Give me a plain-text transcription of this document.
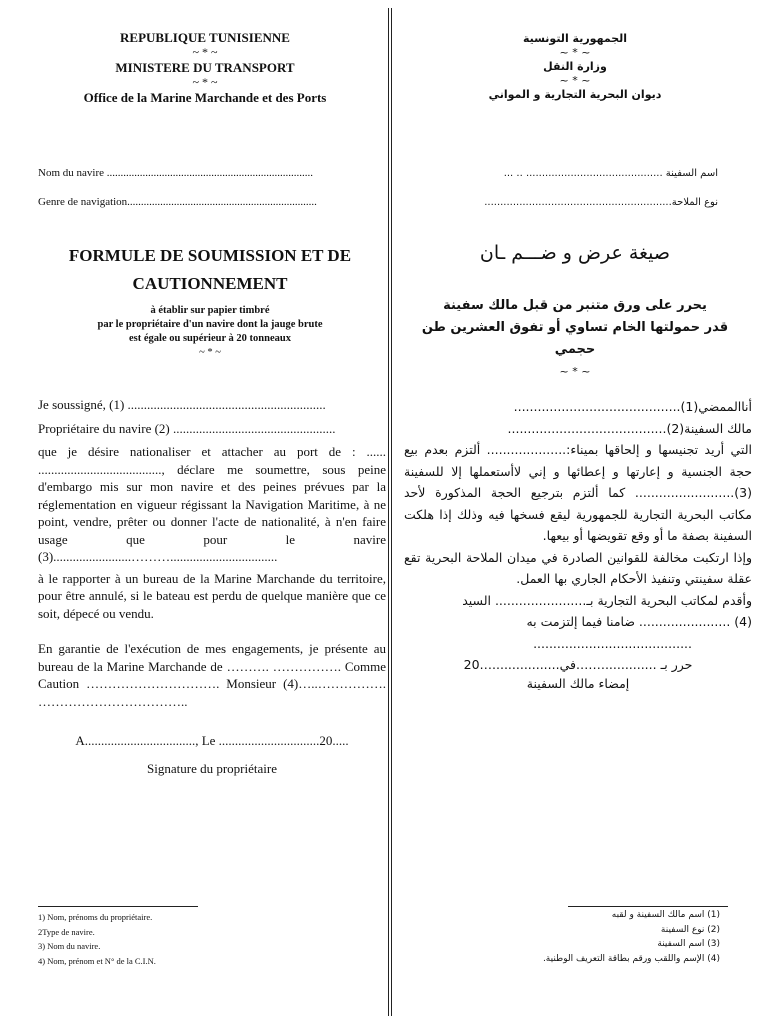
REPUBLIQUE TUNISIENNE
~ * ~
MINISTERE DU TRANSPORT
~ * ~
Office de la Marine Marchande et des Ports
الجمهورية التونسية
~ * ~
وزارة النقل
~ * ~
ديوان البحرية التجارية و المواني
Nom du navire ...........................................................................
Genre de navigation.....................................................................
اسم السفينة ........................................... .. ...
نوع الملاحة...........................................................
FORMULE DE SOUMISSION ET DE
CAUTIONNEMENT
à établir sur papier timbré
par le propriétaire d'un navire dont la jauge brute
est égale ou supérieur à 20 tonneaux
~ * ~
صيغة عرض و ضـــم ـان
يحرر على ورق متنبر من قبل مالك سفينة
قدر حمولتها الخام تساوي أو تفوق العشرين طن حجمي
~ * ~

Je soussigné, (1) .............................................................

Propriétaire du navire (2) ..................................................

que je désire nationaliser et attacher au port de : ...... ......................................, déclare me soumettre, sous peine d'embargo mis sur mon navire et des peines prévues par la réglementation en vigueur régissant la Navigation Maritime, à ne point, vendre, prêter ou donner l'acte de nationalité, à n'en faire usage que pour le navire (3)........................……….................................

à le rapporter à un bureau de la Marine Marchande du territoire, pour être annulé, si le bateau est perdu de quelque manière que ce soit, dépecé ou vendu.

En garantie de l'exécution de mes engagements, je présente au bureau de la Marine Marchande de ………. ……………. Comme Caution …………………………. Monsieur (4)…..……………. ……………………………..

A.................................., Le ...............................20.....

Signature du propriétaire

أناالممضي(1)..........................................

مالك السفينة(2)........................................

التي أريد تجنيسها و إلحاقها بميناء:.................... ألتزم بعدم بيع حجة الجنسية و إعارتها و إعطائها و إني لاأستعملها إلا للسفينة (3)......................... كما ألتزم بترجيع الحجة المذكورة لأحد مكاتب البحرية التجارية للجمهورية ليقع فسخها فيه وذلك إذا هلكت السفينة بصفة ما أو وقع تقويضها أو بيعها.

وإذا ارتكبت مخالفة للقوانين الصادرة في ميدان الملاحة البحرية تقع عقلة سفينتي وتنفيذ الأحكام الجاري بها العمل.

وأقدم لمكاتب البحرية التجارية بـ....................... السيد

(4) ....................... ضامنا فيما إلتزمت به

........................................

حرر بـ .............…….في.................…20

إمضاء مالك السفينة

1) Nom, prénoms du propriétaire.
2Type de navire.
3) Nom du navire.
4) Nom, prénom et N° de la C.I.N.
(1) اسم مالك السفينة و لقبه
(2) نوع السفينة
(3) اسم السفينة
(4) الإسم واللقب ورقم بطاقة التعريف الوطنية.
